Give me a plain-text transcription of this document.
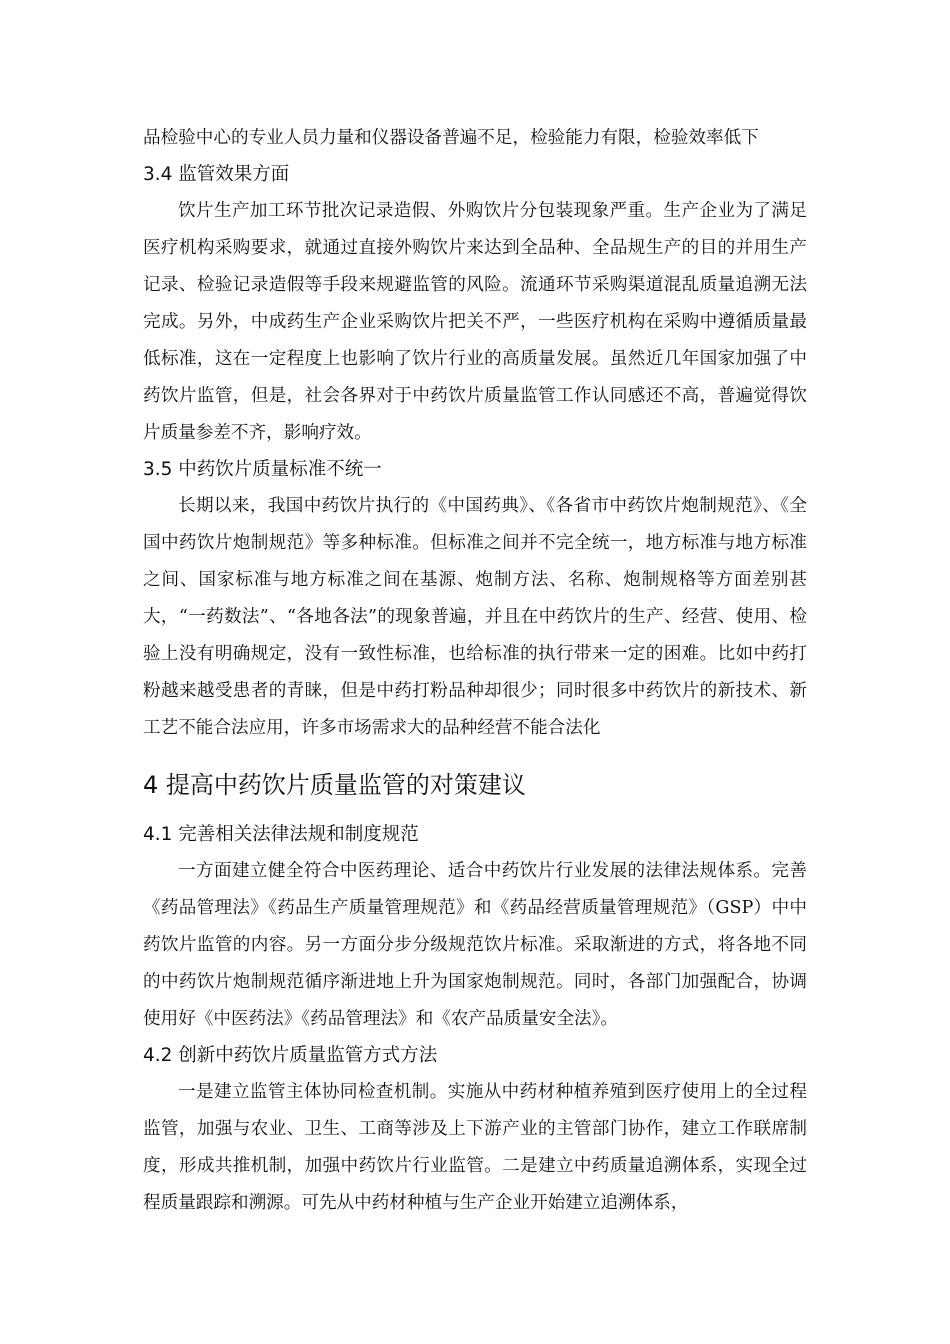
品检验中心的专业人员力量和仪器设备普遍不足，检验能力有限，检验效率低下

3.4 监管效果方面

饮片生产加工环节批次记录造假、外购饮片分包装现象严重。生产企业为了满足医疗机构采购要求，就通过直接外购饮片来达到全品种、全品规生产的目的并用生产记录、检验记录造假等手段来规避监管的风险。流通环节采购渠道混乱质量追溯无法完成。另外，中成药生产企业采购饮片把关不严，一些医疗机构在采购中遵循质量最低标准，这在一定程度上也影响了饮片行业的高质量发展。虽然近几年国家加强了中药饮片监管，但是，社会各界对于中药饮片质量监管工作认同感还不高，普遍觉得饮片质量参差不齐，影响疗效。

3.5 中药饮片质量标准不统一

长期以来，我国中药饮片执行的《中国药典》、《各省市中药饮片炮制规范》、《全国中药饮片炮制规范》等多种标准。但标准之间并不完全统一，地方标准与地方标准之间、国家标准与地方标准之间在基源、炮制方法、名称、炮制规格等方面差别甚大，“一药数法”、“各地各法”的现象普遍，并且在中药饮片的生产、经营、使用、检验上没有明确规定，没有一致性标准，也给标准的执行带来一定的困难。比如中药打粉越来越受患者的青睐，但是中药打粉品种却很少；同时很多中药饮片的新技术、新工艺不能合法应用，许多市场需求大的品种经营不能合法化

4 提高中药饮片质量监管的对策建议
4.1 完善相关法律法规和制度规范

一方面建立健全符合中医药理论、适合中药饮片行业发展的法律法规体系。完善《药品管理法》《药品生产质量管理规范》和《药品经营质量管理规范》（GSP）中中药饮片监管的内容。另一方面分步分级规范饮片标准。采取渐进的方式，将各地不同的中药饮片炮制规范循序渐进地上升为国家炮制规范。同时，各部门加强配合，协调使用好《中医药法》《药品管理法》和《农产品质量安全法》。

4.2 创新中药饮片质量监管方式方法

一是建立监管主体协同检查机制。实施从中药材种植养殖到医疗使用上的全过程监管，加强与农业、卫生、工商等涉及上下游产业的主管部门协作，建立工作联席制度，形成共推机制，加强中药饮片行业监管。二是建立中药质量追溯体系，实现全过程质量跟踪和溯源。可先从中药材种植与生产企业开始建立追溯体系，
